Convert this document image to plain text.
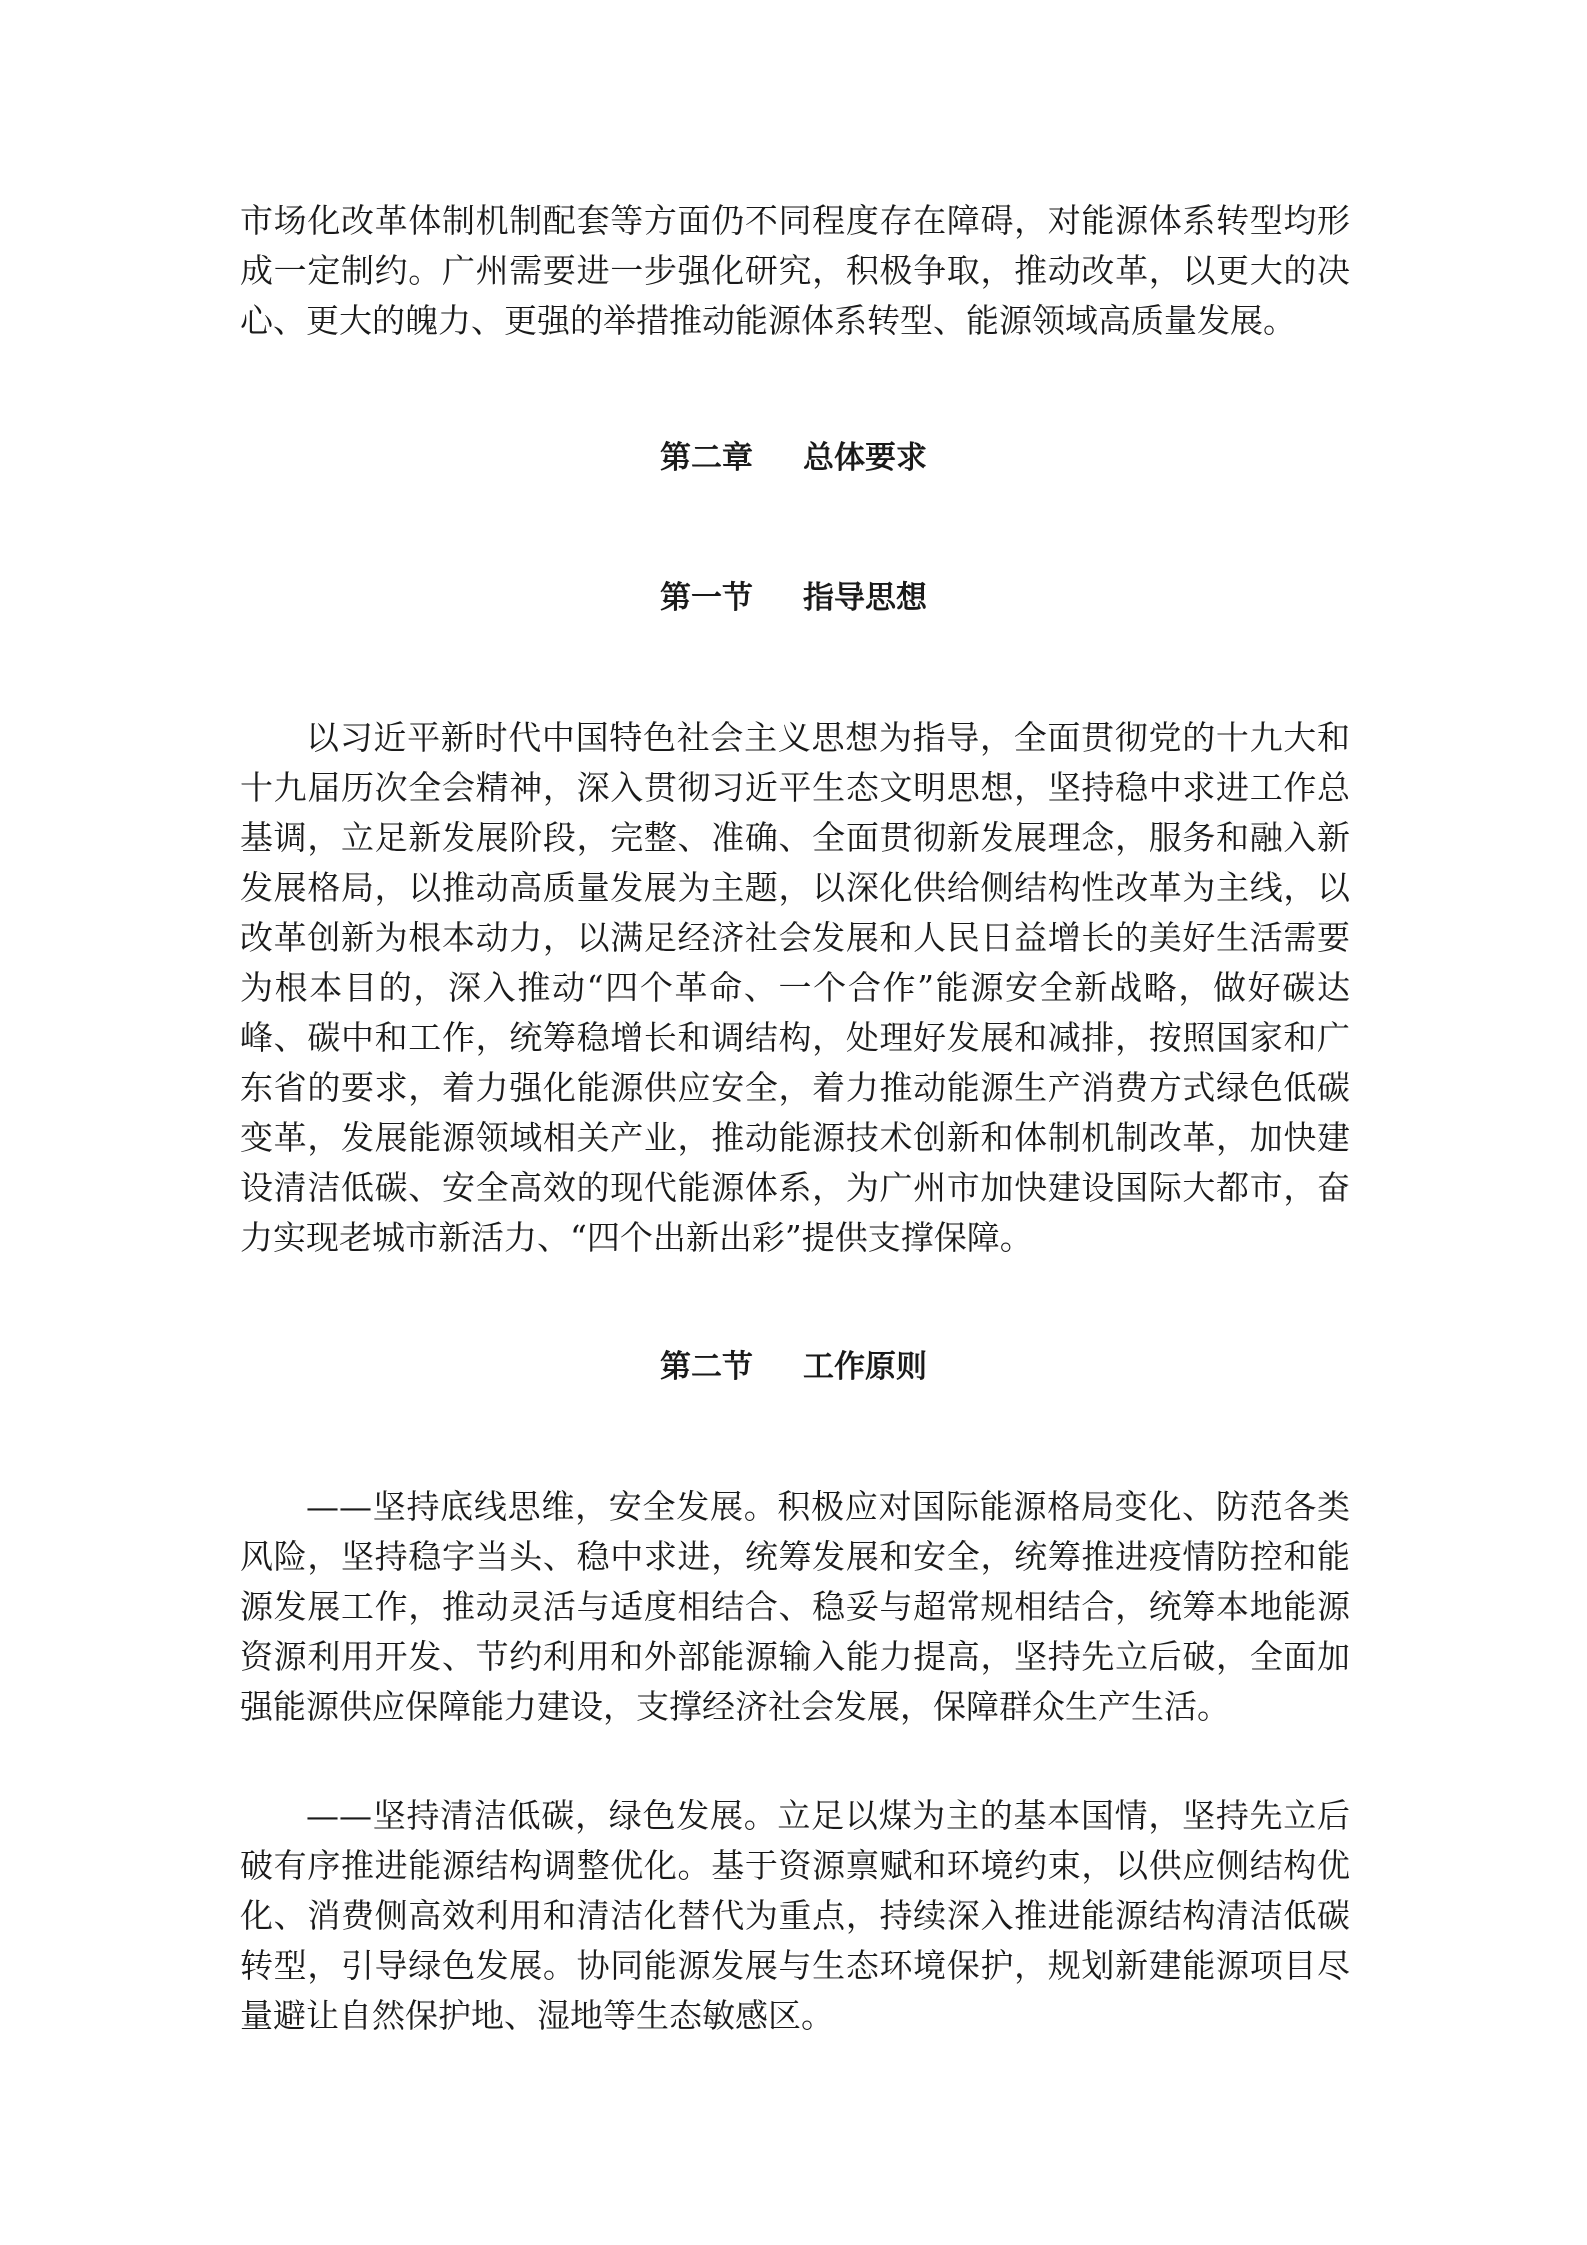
市场化改革体制机制配套等方面仍不同程度存在障碍，对能源体系转型均形成一定制约。广州需要进一步强化研究，积极争取，推动改革，以更大的决心、更大的魄力、更强的举措推动能源体系转型、能源领域高质量发展。

第二章 总体要求
第一节 指导思想

以习近平新时代中国特色社会主义思想为指导，全面贯彻党的十九大和十九届历次全会精神，深入贯彻习近平生态文明思想，坚持稳中求进工作总基调，立足新发展阶段，完整、准确、全面贯彻新发展理念，服务和融入新发展格局，以推动高质量发展为主题，以深化供给侧结构性改革为主线，以改革创新为根本动力，以满足经济社会发展和人民日益增长的美好生活需要为根本目的，深入推动“四个革命、一个合作”能源安全新战略，做好碳达峰、碳中和工作，统筹稳增长和调结构，处理好发展和减排，按照国家和广东省的要求，着力强化能源供应安全，着力推动能源生产消费方式绿色低碳变革，发展能源领域相关产业，推动能源技术创新和体制机制改革，加快建设清洁低碳、安全高效的现代能源体系，为广州市加快建设国际大都市，奋力实现老城市新活力、“四个出新出彩”提供支撑保障。

第二节 工作原则

——坚持底线思维，安全发展。积极应对国际能源格局变化、防范各类风险，坚持稳字当头、稳中求进，统筹发展和安全，统筹推进疫情防控和能源发展工作，推动灵活与适度相结合、稳妥与超常规相结合，统筹本地能源资源利用开发、节约利用和外部能源输入能力提高，坚持先立后破，全面加强能源供应保障能力建设，支撑经济社会发展，保障群众生产生活。

——坚持清洁低碳，绿色发展。立足以煤为主的基本国情，坚持先立后破有序推进能源结构调整优化。基于资源禀赋和环境约束，以供应侧结构优化、消费侧高效利用和清洁化替代为重点，持续深入推进能源结构清洁低碳转型，引导绿色发展。协同能源发展与生态环境保护，规划新建能源项目尽量避让自然保护地、湿地等生态敏感区。
